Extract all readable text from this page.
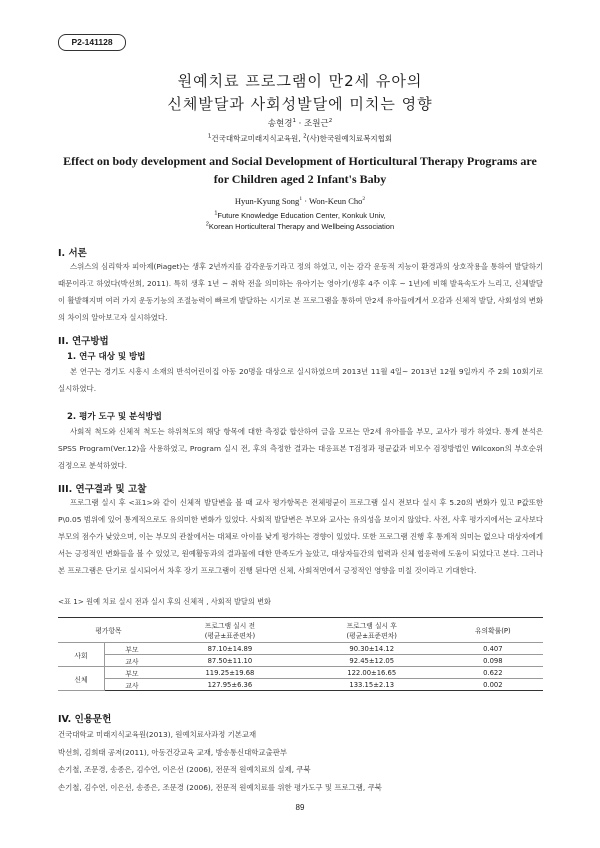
P2-141128
원예치료 프로그램이 만2세 유아의
신체발달과 사회성발달에 미치는 영향
송현경$^1$ · 조원근$^2$
$^1$건국대학교미래지식교육원, $^2$(사)한국원예치료복지협회
Effect on body development and Social Development of Horticultural Therapy Programs are
for Children aged 2 Infant's Baby
Hyun-Kyung Song$^1$ · Won-Keun Cho$^2$
$^1$Future Knowledge Education Center, Konkuk Univ,
$^2$Korean Horticulteral Therapy and Wellbeing Association
I. 서론
스위스의 심리학자 피아제(Piaget)는 생후 2년까지를 감각운동기라고 정의 하였고, 이는 감각 운동적 지능이 환경과의 상호작용을 통하여 발달하기 때문이라고 하였다(박선희, 2011). 특히 생후 1년 ~ 취학 전을 의미하는 유아기는 영아기(생후 4주 이후 ~ 1년)에 비해 발육속도가 느리고, 신체발달이 활발해지며 여러 가지 운동기능의 조절능력이 빠르게 발달하는 시기로 본 프로그램을 통하여 만2세 유아들에게서 오감과 신체적 발달, 사회성의 변화의 차이의 알아보고자 실시하였다.
II. 연구방법
1. 연구 대상 및 방법
본 연구는 경기도 시흥시 소재의 반석어린이집 아동 20명을 대상으로 실시하였으며 2013년 11월 4일~ 2013년 12월 9일까지 주 2회 10회기로 실시하였다.
2. 평가 도구 및 분석방법
사회적 척도와 신체적 척도는 하위척도의 해당 항목에 대한 측정값 합산하여 글을 모르는 만2세 유아를을 부모, 교사가 평가 하였다. 통계 분석은 SPSS Program(Ver.12)을 사용하였고, Program 실시 전, 후의 측정한 결과는 대응표본 T검정과 평균값과 비모수 검정방법인 Wilcoxon의 부호순위 검정으로 분석하였다.
III. 연구결과 및 고찰
프로그램 실시 후 <표1>와 같이 신체적 발달변을 볼 때 교사 평가항목은 전체평균이 프로그램 실시 전보다 실시 후 5.20의 변화가 있고 P값또한 P\0.05 범위에 있어 통계적으로도 유의미한 변화가 있었다. 사회적 발달변은 부모와 교사는 유의성을 보이지 않았다. 사전, 사후 평가지에서는 교사보다 부모의 점수가 낮았으며, 이는 부모의 관찰에서는 대체로 아이를 낮게 평가하는 경향이 있었다. 또한 프로그램 진행 후 통계적 의미는 없으나 대상자에게서는 긍정적인 변화들을 볼 수 있었고, 원예활동과의 결과물에 대한 만족도가 높았고, 대상자들간의 협력과 신체 협응력에 도움이 되었다고 본다. 그러나 본 프로그램은 단기로 실시되어서 차후 장기 프로그램이 진행 된다면 신체, 사회적면에서 긍정적인 영향을 미칠 것이라고 기대한다.
<표 1> 원예 치료 실시 전과 실시 후의 신체적 , 사회적 발달의 변화
평가항목		프로그램 실시 전
(평균±표준편차)	프로그램 실시 후
(평균±표준편차)	유의확률(P)
사회	부모	87.10±14.89	90.30±14.12	0.407
	교사	87.50±11.10	92.45±12.05	0.098
신체	부모	119.25±19.68	122.00±16.65	0.622
	교사	127.95±6.36	133.15±2.13	0.002
IV. 인용문헌
건국대학교 미래지식교육원(2013), 원예치료사과정 기본교재
박선희, 김희태 공저(2011), 아동건강교육 교재, 방송통신대학교출판부
손기철, 조문경, 송종은, 김수연, 이은선 (2006), 전문적 원예치료의 실제, 쿠북
손기철, 김수연, 이은선, 송종은, 조문경 (2006), 전문적 원예치료를 위한 평가도구 및 프로그램, 쿠북
89
